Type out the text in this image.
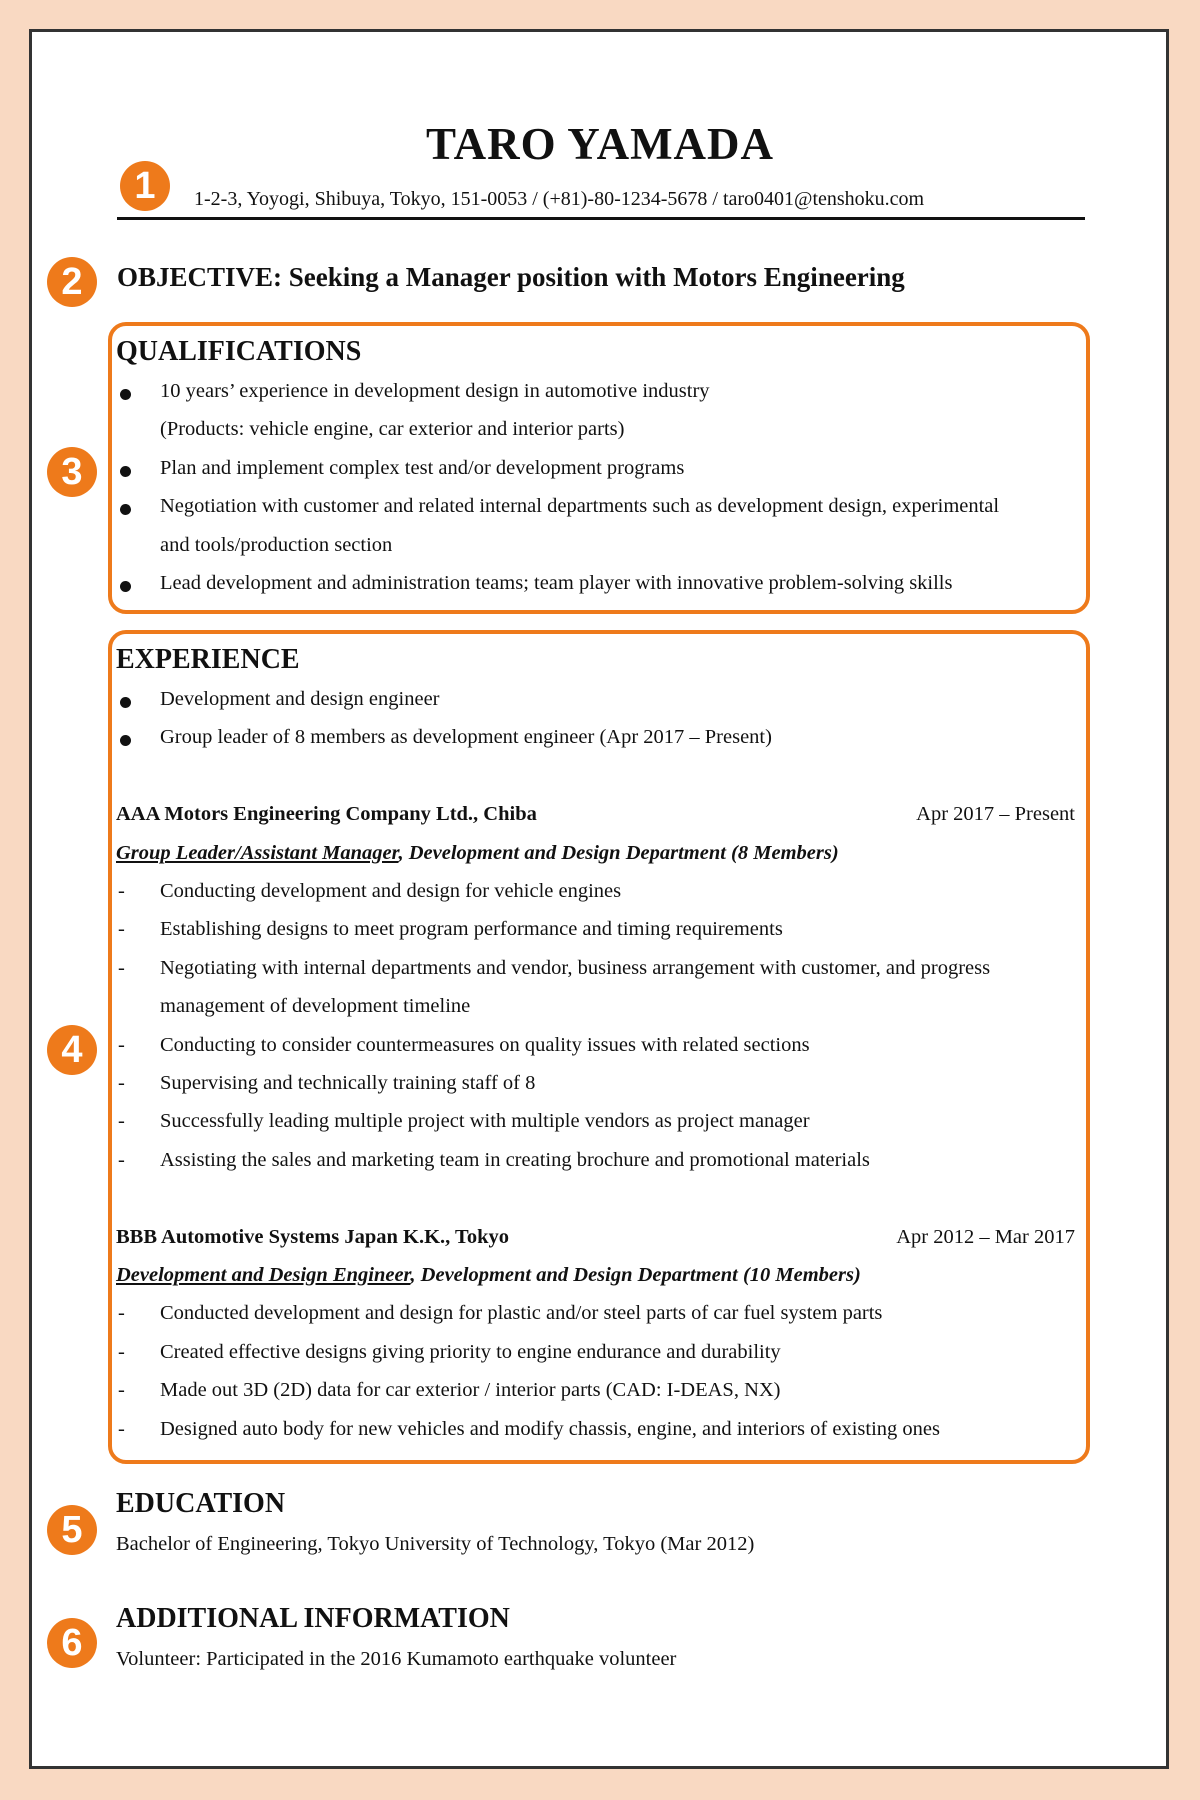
1
2
3
4
5
6
TARO YAMADA
1-2-3, Yoyogi, Shibuya, Tokyo, 151-0053 / (+81)-80-1234-5678 / taro0401@tenshoku.com
OBJECTIVE: Seeking a Manager position with Motors Engineering
QUALIFICATIONS
10 years’ experience in development design in automotive industry
(Products: vehicle engine, car exterior and interior parts)
Plan and implement complex test and/or development programs
Negotiation with customer and related internal departments such as development design, experimental
and tools/production section
Lead development and administration teams; team player with innovative problem-solving skills
EXPERIENCE
Development and design engineer
Group leader of 8 members as development engineer (Apr 2017 – Present)
AAA Motors Engineering Company Ltd., Chiba	Apr 2017 – Present
Group Leader/Assistant Manager, Development and Design Department (8 Members)
- Conducting development and design for vehicle engines
- Establishing designs to meet program performance and timing requirements
- Negotiating with internal departments and vendor, business arrangement with customer, and progress
management of development timeline
- Conducting to consider countermeasures on quality issues with related sections
- Supervising and technically training staff of 8
- Successfully leading multiple project with multiple vendors as project manager
- Assisting the sales and marketing team in creating brochure and promotional materials
BBB Automotive Systems Japan K.K., Tokyo	Apr 2012 – Mar 2017
Development and Design Engineer, Development and Design Department (10 Members)
- Conducted development and design for plastic and/or steel parts of car fuel system parts
- Created effective designs giving priority to engine endurance and durability
- Made out 3D (2D) data for car exterior / interior parts (CAD: I-DEAS, NX)
- Designed auto body for new vehicles and modify chassis, engine, and interiors of existing ones
EDUCATION
Bachelor of Engineering, Tokyo University of Technology, Tokyo (Mar 2012)
ADDITIONAL INFORMATION
Volunteer: Participated in the 2016 Kumamoto earthquake volunteer
